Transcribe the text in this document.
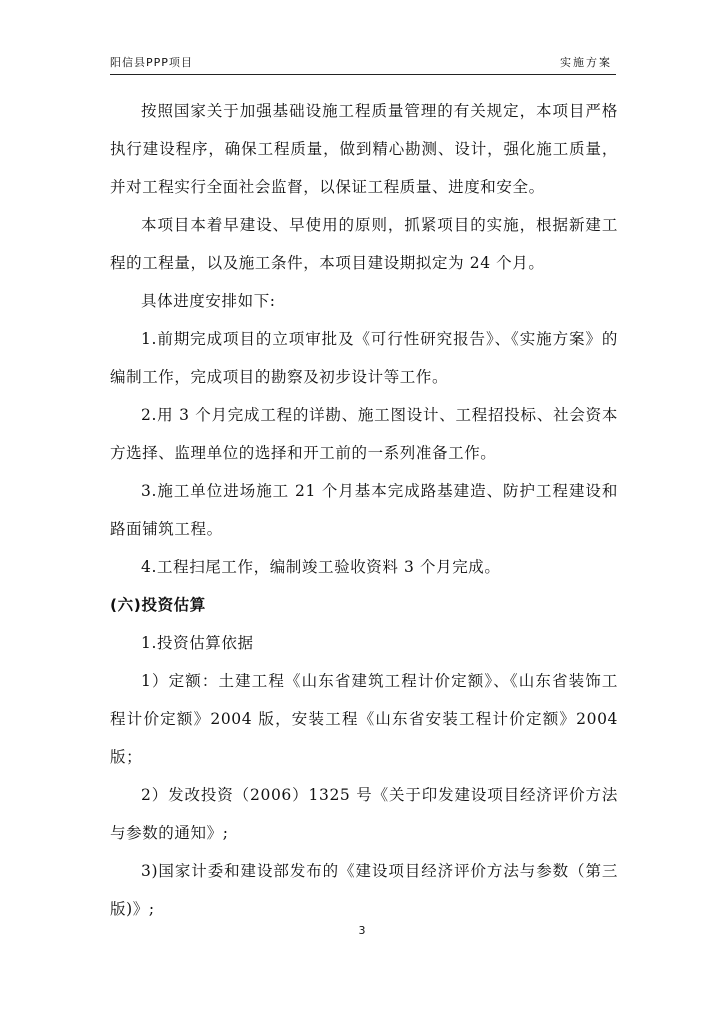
阳信县PPP项目	实施方案

按照国家关于加强基础设施工程质量管理的有关规定，本项目严格执行建设程序，确保工程质量，做到精心勘测、设计，强化施工质量，并对工程实行全面社会监督，以保证工程质量、进度和安全。

本项目本着早建设、早使用的原则，抓紧项目的实施，根据新建工程的工程量，以及施工条件，本项目建设期拟定为 24 个月。

具体进度安排如下:

1.前期完成项目的立项审批及《可行性研究报告》、《实施方案》的编制工作，完成项目的勘察及初步设计等工作。

2.用 3 个月完成工程的详勘、施工图设计、工程招投标、社会资本方选择、监理单位的选择和开工前的一系列准备工作。

3.施工单位进场施工 21 个月基本完成路基建造、防护工程建设和路面铺筑工程。

4.工程扫尾工作，编制竣工验收资料 3 个月完成。

(六)投资估算

1.投资估算依据

1）定额：土建工程《山东省建筑工程计价定额》、《山东省装饰工程计价定额》2004 版，安装工程《山东省安装工程计价定额》2004 版；

2）发改投资（2006）1325 号《关于印发建设项目经济评价方法与参数的通知》;

3)国家计委和建设部发布的《建设项目经济评价方法与参数（第三版)》;

3
